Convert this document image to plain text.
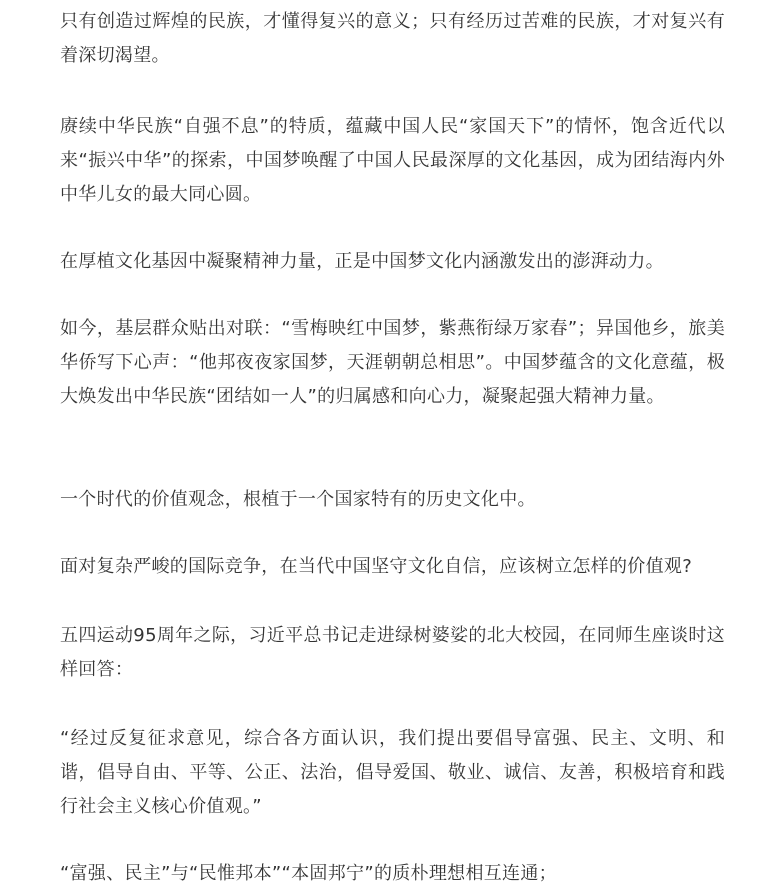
只有创造过辉煌的民族，才懂得复兴的意义；只有经历过苦难的民族，才对复兴有着深切渴望。

赓续中华民族“自强不息”的特质，蕴藏中国人民“家国天下”的情怀，饱含近代以来“振兴中华”的探索，中国梦唤醒了中国人民最深厚的文化基因，成为团结海内外中华儿女的最大同心圆。

在厚植文化基因中凝聚精神力量，正是中国梦文化内涵激发出的澎湃动力。

如今，基层群众贴出对联：“雪梅映红中国梦，紫燕衔绿万家春”；异国他乡，旅美华侨写下心声：“他邦夜夜家国梦，天涯朝朝总相思”。中国梦蕴含的文化意蕴，极大焕发出中华民族“团结如一人”的归属感和向心力，凝聚起强大精神力量。

一个时代的价值观念，根植于一个国家特有的历史文化中。

面对复杂严峻的国际竞争，在当代中国坚守文化自信，应该树立怎样的价值观?

五四运动95周年之际，习近平总书记走进绿树婆娑的北大校园，在同师生座谈时这样回答：

“经过反复征求意见，综合各方面认识，我们提出要倡导富强、民主、文明、和谐，倡导自由、平等、公正、法治，倡导爱国、敬业、诚信、友善，积极培育和践行社会主义核心价值观。”

“富强、民主”与“民惟邦本”“本固邦宁”的质朴理想相互连通；
